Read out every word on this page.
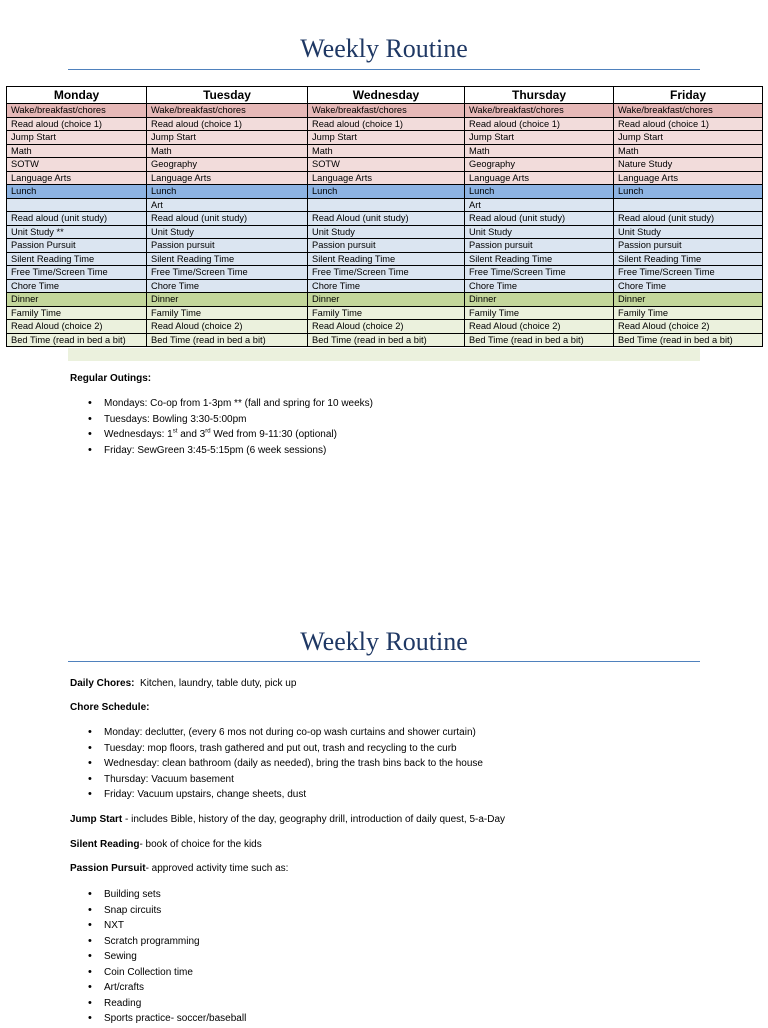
Weekly Routine
Monday	Tuesday	Wednesday	Thursday	Friday
Wake/breakfast/chores	Wake/breakfast/chores	Wake/breakfast/chores	Wake/breakfast/chores	Wake/breakfast/chores
Read aloud (choice 1)	Read aloud (choice 1)	Read aloud (choice 1)	Read aloud (choice 1)	Read aloud (choice 1)
Jump Start	Jump Start	Jump Start	Jump Start	Jump Start
Math	Math	Math	Math	Math
SOTW	Geography	SOTW	Geography	Nature Study
Language Arts	Language Arts	Language Arts	Language Arts	Language Arts
Lunch	Lunch	Lunch	Lunch	Lunch
	Art		Art	
Read aloud (unit study)	Read aloud (unit study)	Read Aloud (unit study)	Read aloud (unit study)	Read aloud (unit study)
Unit Study **	Unit Study	Unit Study	Unit Study	Unit Study
Passion Pursuit	Passion pursuit	Passion pursuit	Passion pursuit	Passion pursuit
Silent Reading Time	Silent Reading Time	Silent Reading Time	Silent Reading Time	Silent Reading Time
Free Time/Screen Time	Free Time/Screen Time	Free Time/Screen Time	Free Time/Screen Time	Free Time/Screen Time
Chore Time	Chore Time	Chore Time	Chore Time	Chore Time
Dinner	Dinner	Dinner	Dinner	Dinner
Family Time	Family Time	Family Time	Family Time	Family Time
Read Aloud (choice 2)	Read Aloud (choice 2)	Read Aloud (choice 2)	Read Aloud (choice 2)	Read Aloud (choice 2)
Bed Time (read in bed a bit)	Bed Time (read in bed a bit)	Bed Time (read in bed a bit)	Bed Time (read in bed a bit)	Bed Time (read in bed a bit)
Regular Outings:
• Mondays: Co-op from 1-3pm ** (fall and spring for 10 weeks)
• Tuesdays: Bowling 3:30-5:00pm
• Wednesdays: 1st and 3rd Wed from 9-11:30 (optional)
• Friday: SewGreen 3:45-5:15pm (6 week sessions)
Weekly Routine
Daily Chores:  Kitchen, laundry, table duty, pick up
Chore Schedule:
• Monday: declutter, (every 6 mos not during co-op wash curtains and shower curtain)
• Tuesday: mop floors, trash gathered and put out, trash and recycling to the curb
• Wednesday: clean bathroom (daily as needed), bring the trash bins back to the house
• Thursday: Vacuum basement
• Friday: Vacuum upstairs, change sheets, dust
Jump Start - includes Bible, history of the day, geography drill, introduction of daily quest, 5-a-Day
Silent Reading- book of choice for the kids
Passion Pursuit- approved activity time such as:
• Building sets
• Snap circuits
• NXT
• Scratch programming
• Sewing
• Coin Collection time
• Art/crafts
• Reading
• Sports practice- soccer/baseball
